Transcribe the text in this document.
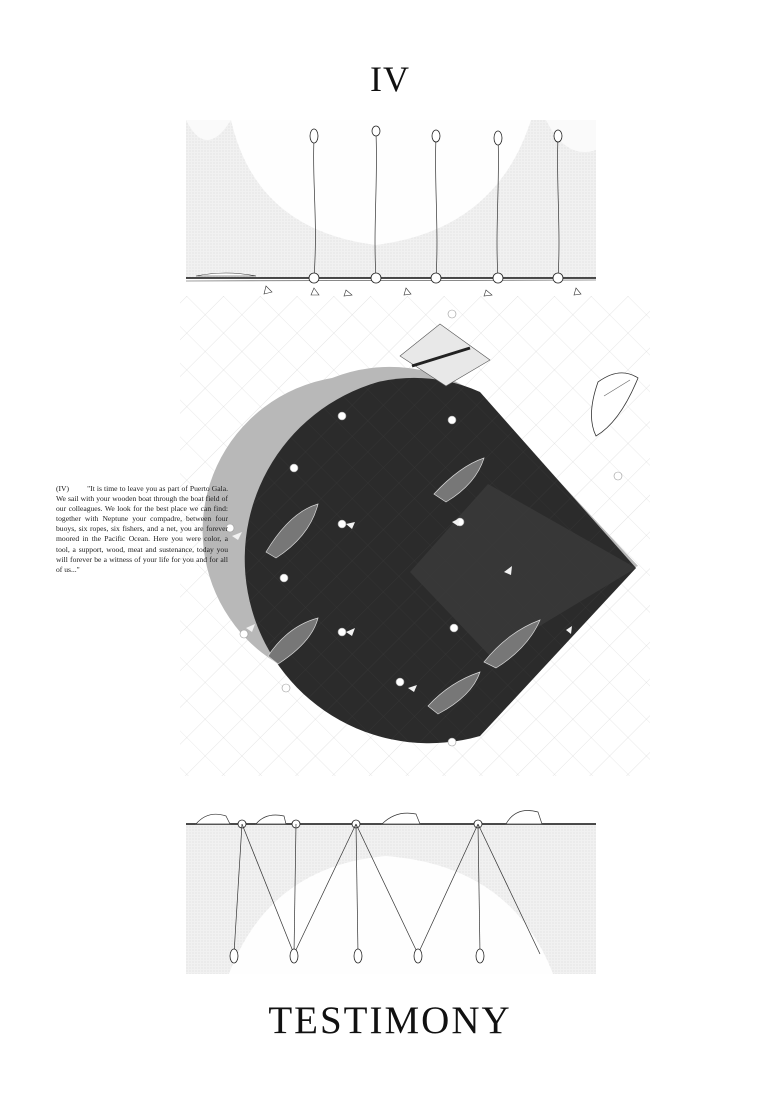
IV
(IV) "It is time to leave you as part of Puerto Gala. We sail with your wooden boat through the boat field of our colleagues. We look for the best place we can find: together with Neptune your compadre, between four buoys, six ropes, six fishers, and a net, you are forever moored in the Pacific Ocean. Here you were color, a tool, a support, wood, meat and sustenance, today you will forever be a witness of your life for you and for all of us..."
TESTIMONY
